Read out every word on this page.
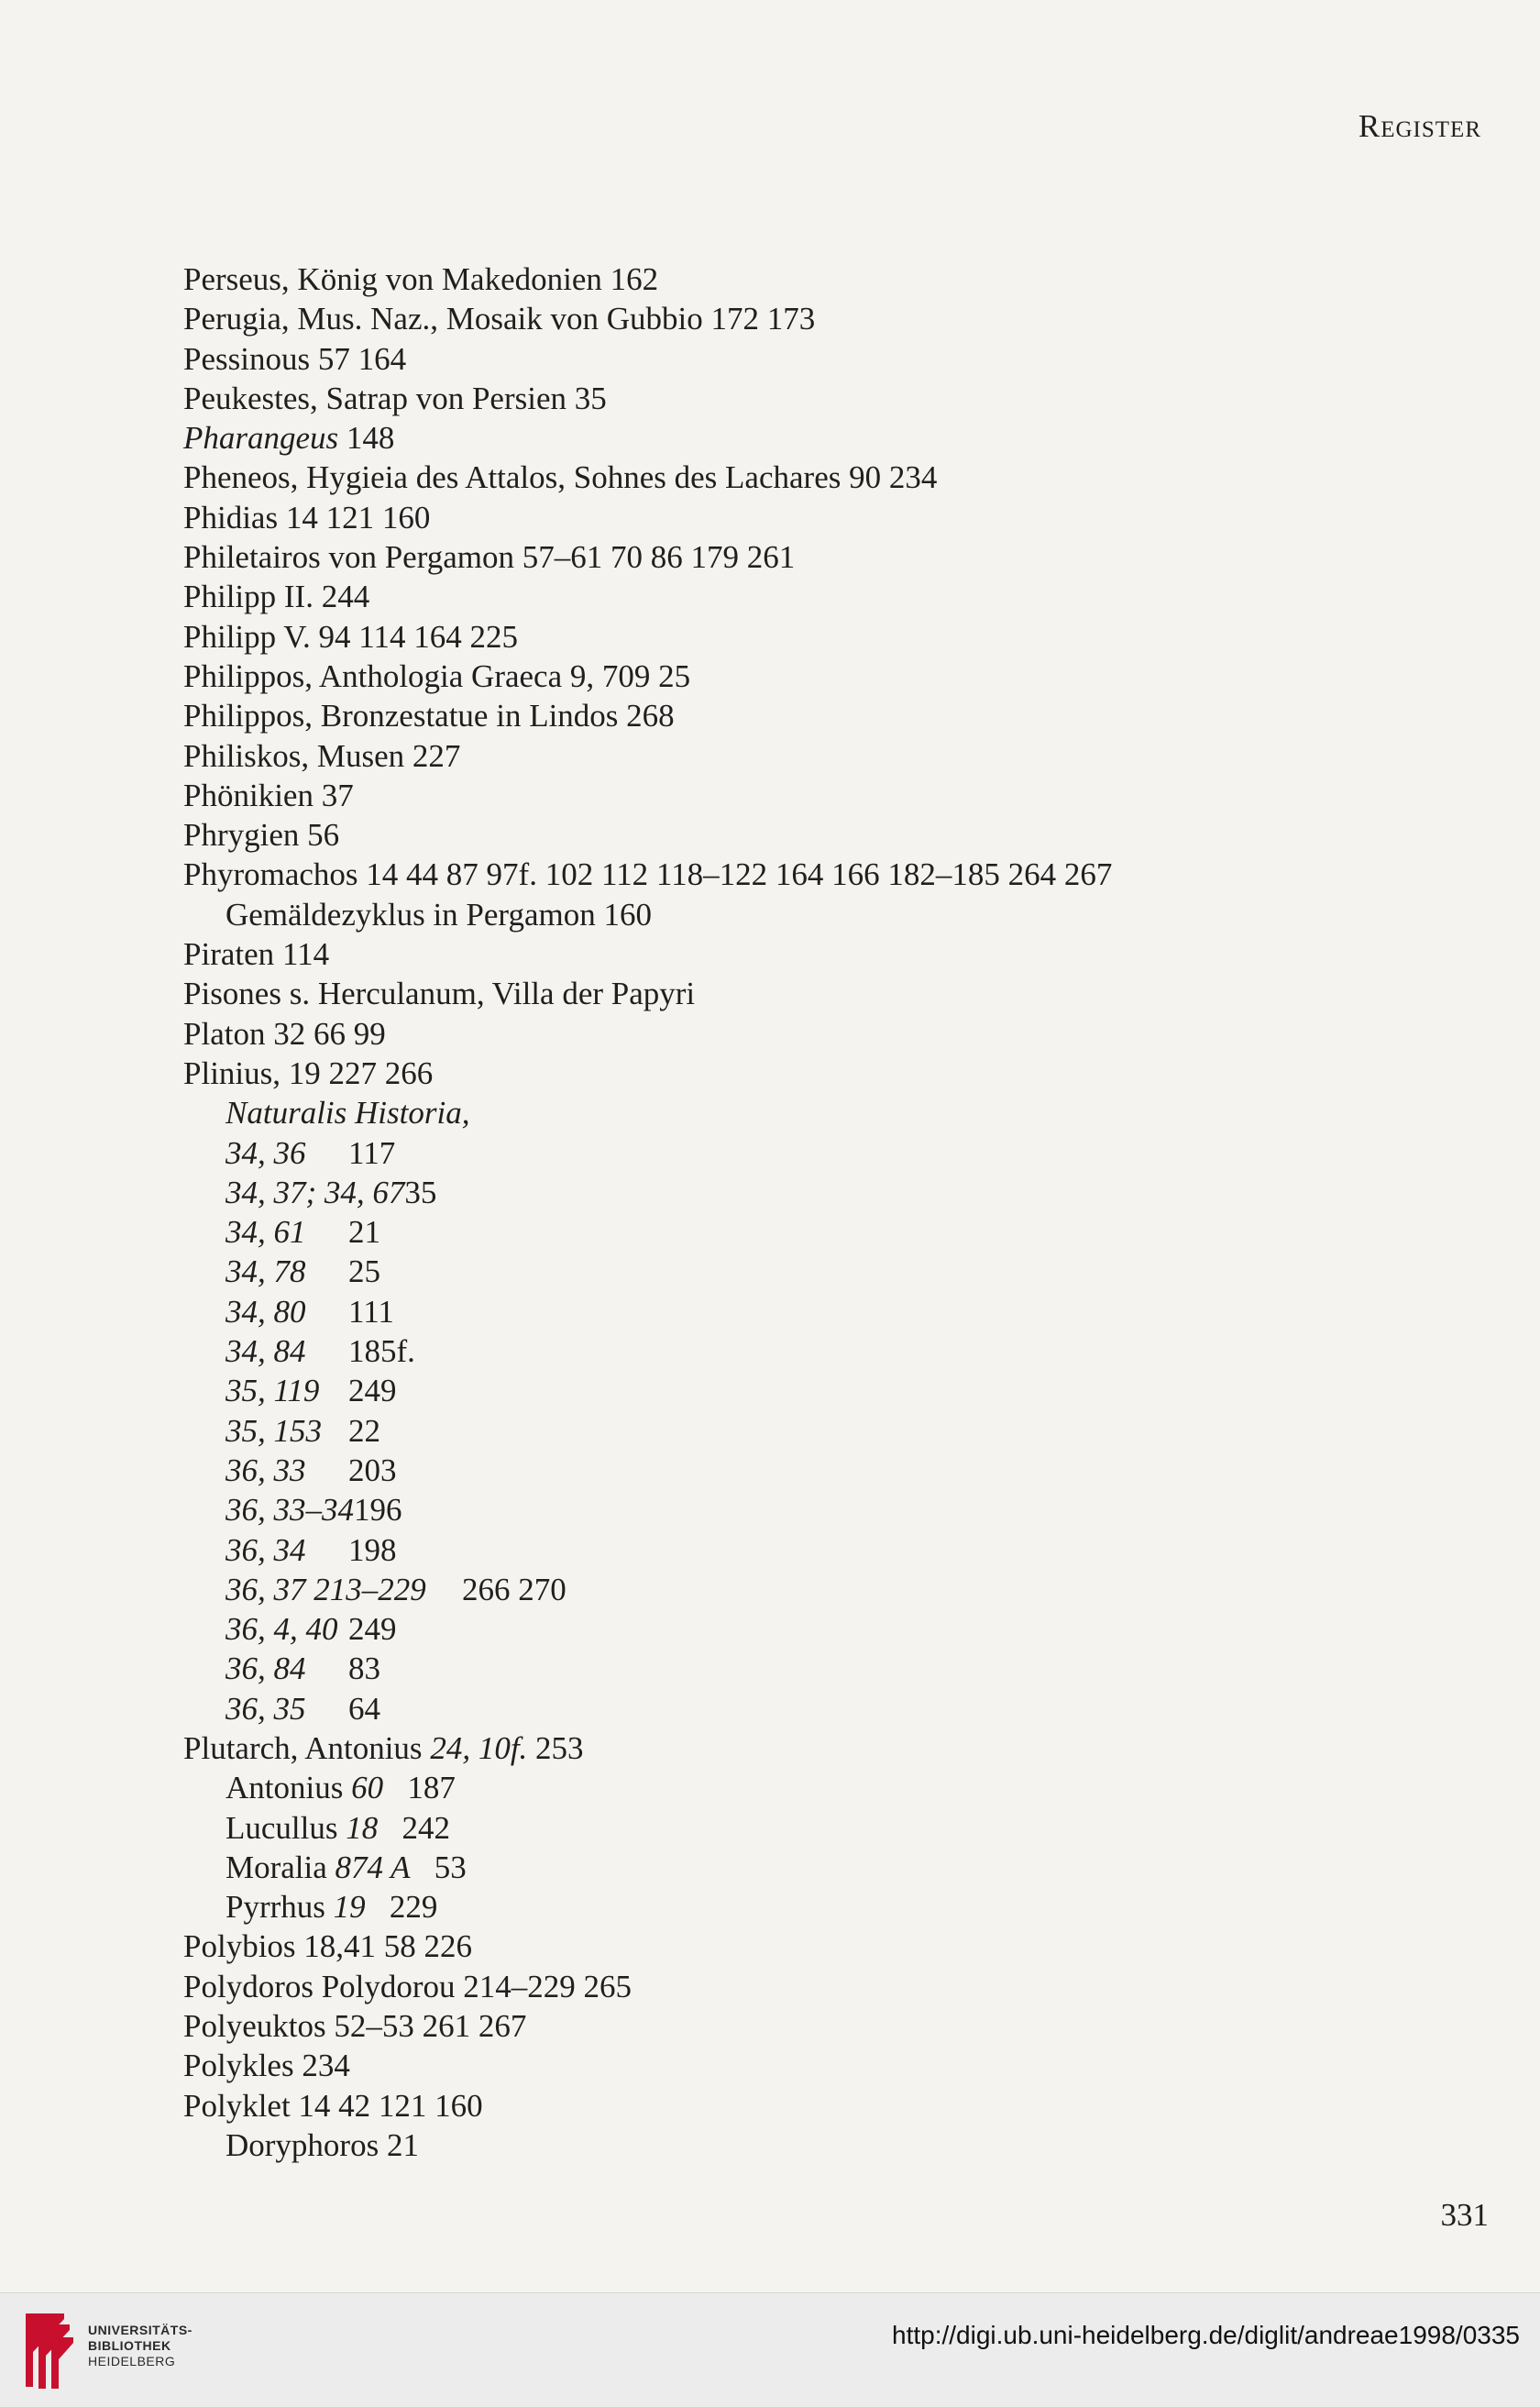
Register
Perseus, König von Makedonien 162
Perugia, Mus. Naz., Mosaik von Gubbio 172 173
Pessinous 57 164
Peukestes, Satrap von Persien 35
Pharangeus 148
Pheneos, Hygieia des Attalos, Sohnes des Lachares 90 234
Phidias 14 121 160
Philetairos von Pergamon 57–61 70 86 179 261
Philipp II. 244
Philipp V. 94 114 164 225
Philippos, Anthologia Graeca 9, 709 25
Philippos, Bronzestatue in Lindos 268
Philiskos, Musen 227
Phönikien 37
Phrygien 56
Phyromachos 14 44 87 97f. 102 112 118–122 164 166 182–185 264 267
Gemäldezyklus in Pergamon 160
Piraten 114
Pisones s. Herculanum, Villa der Papyri
Platon 32 66 99
Plinius, 19 227 266
Naturalis Historia,
34, 36 117
34, 37; 34, 6735
34, 61 21
34, 78 25
34, 80 111
34, 84 185f.
35, 119 249
35, 153 22
36, 33 203
36, 33–34196
36, 34 198
36, 37 213–229 266 270
36, 4, 40 249
36, 84 83
36, 35 64
Plutarch, Antonius 24, 10f. 253
Antonius 60   187
Lucullus 18   242
Moralia 874 A   53
Pyrrhus 19   229
Polybios 18,41 58 226
Polydoros Polydorou 214–229 265
Polyeuktos 52–53 261 267
Polykles 234
Polyklet 14 42 121 160
Doryphoros 21
331
UNIVERSITÄTS-
BIBLIOTHEK
HEIDELBERG
http://digi.ub.uni-heidelberg.de/diglit/andreae1998/0335
